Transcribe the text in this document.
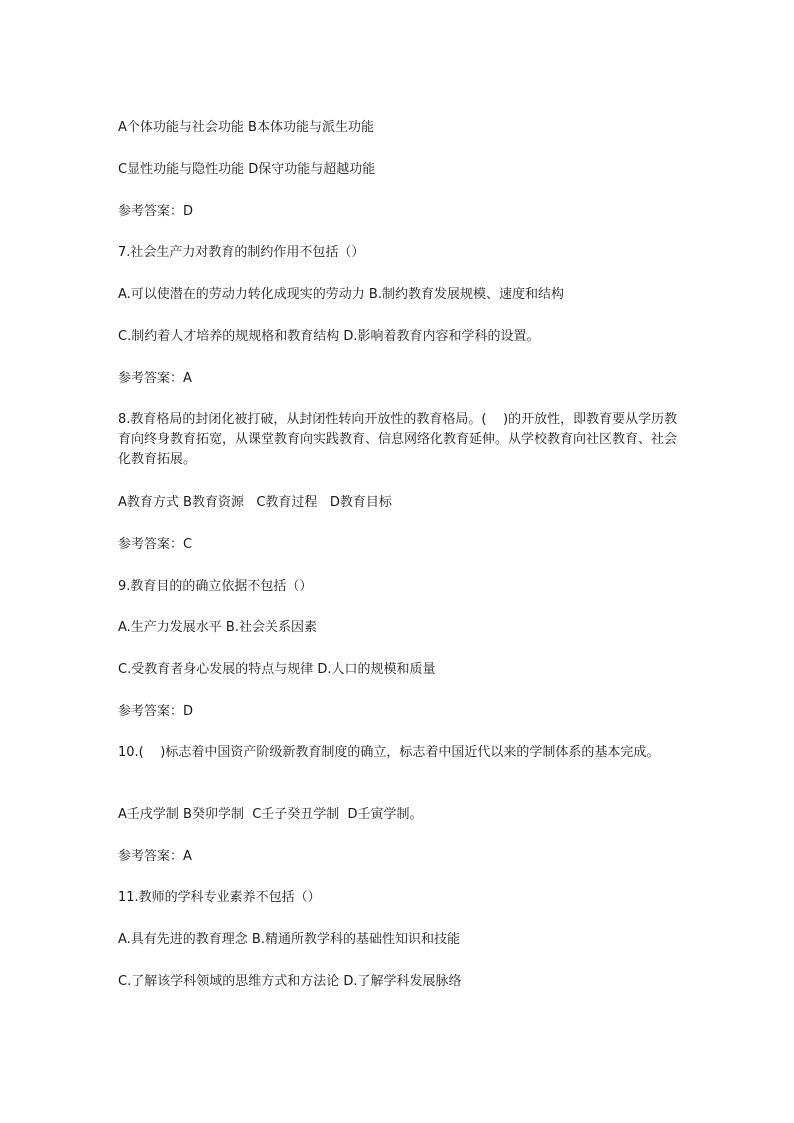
A个体功能与社会功能 B本体功能与派生功能
C显性功能与隐性功能 D保守功能与超越功能
参考答案：D
7.社会生产力对教育的制约作用不包括（）
A.可以使潜在的劳动力转化成现实的劳动力 B.制约教育发展规模、速度和结构
C.制约着人才培养的规规格和教育结构 D.影响着教育内容和学科的设置。
参考答案：A
8.教育格局的封闭化被打破，从封闭性转向开放性的教育格局。(    )的开放性，即教育要从学历教育向终身教育拓宽，从课堂教育向实践教育、信息网络化教育延伸。从学校教育向社区教育、社会化教育拓展。
A教育方式 B教育资源   C教育过程   D教育目标
参考答案：C
9.教育目的的确立依据不包括（）
A.生产力发展水平 B.社会关系因素
C.受教育者身心发展的特点与规律 D.人口的规模和质量
参考答案：D
10.(    )标志着中国资产阶级新教育制度的确立，标志着中国近代以来的学制体系的基本完成。
A壬戌学制 B癸卯学制  C壬子癸丑学制  D壬寅学制。
参考答案：A
11.教师的学科专业素养不包括（）
A.具有先进的教育理念 B.精通所教学科的基础性知识和技能
C.了解该学科领域的思维方式和方法论 D.了解学科发展脉络
